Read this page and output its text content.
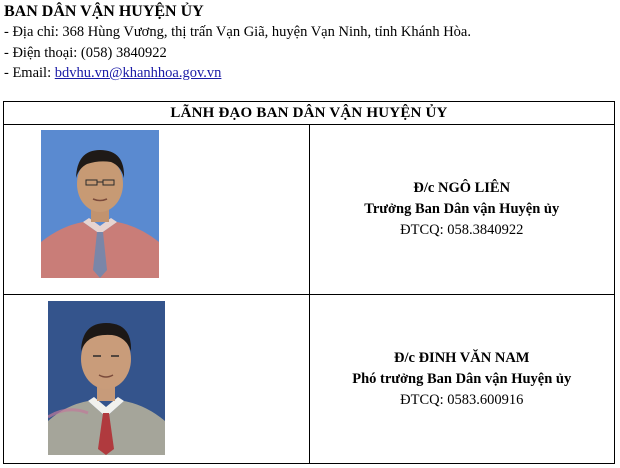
BAN DÂN VẬN HUYỆN ỦY
- Địa chỉ: 368 Hùng Vương, thị trấn Vạn Giã, huyện Vạn Ninh, tỉnh Khánh Hòa.
- Điện thoại: (058) 3840922
- Email: bdvhu.vn@khanhhoa.gov.vn
LÃNH ĐẠO BAN DÂN VẬN HUYỆN ỦY	

Đ/c NGÔ LIÊN
Trưởng Ban Dân vận Huyện ủy
ĐTCQ: 058.3840922

Đ/c ĐINH VĂN NAM
Phó trưởng Ban Dân vận Huyện ủy
ĐTCQ: 0583.600916
